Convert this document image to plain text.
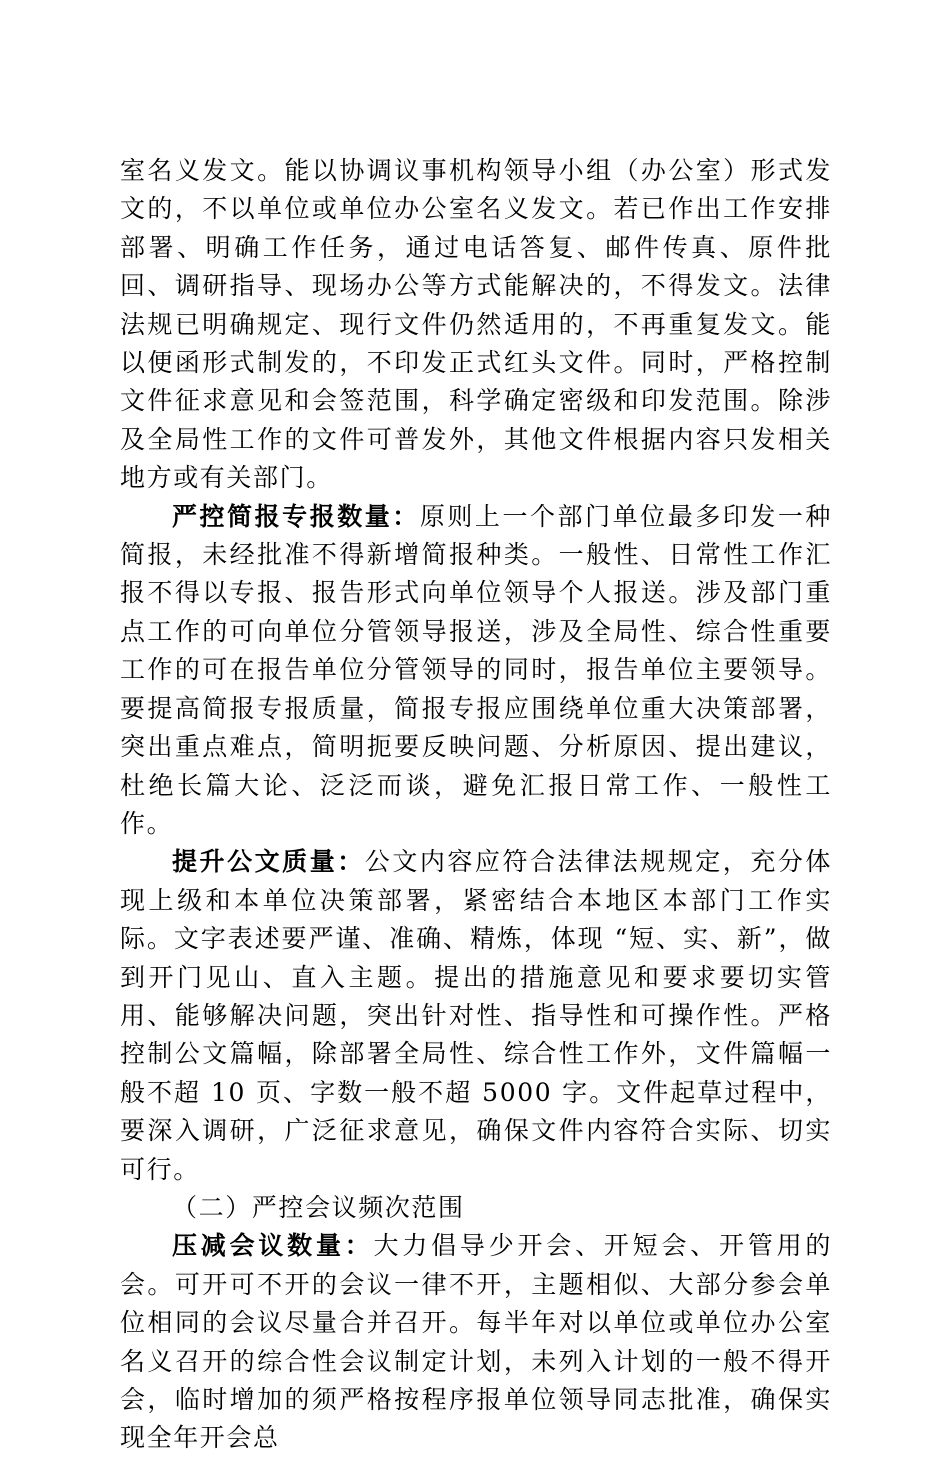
室名义发文。能以协调议事机构领导小组（办公室）形式发文的，不以单位或单位办公室名义发文。若已作出工作安排部署、明确工作任务，通过电话答复、邮件传真、原件批回、调研指导、现场办公等方式能解决的，不得发文。法律法规已明确规定、现行文件仍然适用的，不再重复发文。能以便函形式制发的，不印发正式红头文件。同时，严格控制文件征求意见和会签范围，科学确定密级和印发范围。除涉及全局性工作的文件可普发外，其他文件根据内容只发相关地方或有关部门。

严控简报专报数量：原则上一个部门单位最多印发一种简报，未经批准不得新增简报种类。一般性、日常性工作汇报不得以专报、报告形式向单位领导个人报送。涉及部门重点工作的可向单位分管领导报送，涉及全局性、综合性重要工作的可在报告单位分管领导的同时，报告单位主要领导。要提高简报专报质量，简报专报应围绕单位重大决策部署，突出重点难点，简明扼要反映问题、分析原因、提出建议，杜绝长篇大论、泛泛而谈，避免汇报日常工作、一般性工作。

提升公文质量：公文内容应符合法律法规规定，充分体现上级和本单位决策部署，紧密结合本地区本部门工作实际。文字表述要严谨、准确、精炼，体现 “短、实、新”，做到开门见山、直入主题。提出的措施意见和要求要切实管用、能够解决问题，突出针对性、指导性和可操作性。严格控制公文篇幅，除部署全局性、综合性工作外，文件篇幅一般不超 10 页、字数一般不超 5000 字。文件起草过程中，要深入调研，广泛征求意见，确保文件内容符合实际、切实可行。

（二）严控会议频次范围

压减会议数量：大力倡导少开会、开短会、开管用的会。可开可不开的会议一律不开，主题相似、大部分参会单位相同的会议尽量合并召开。每半年对以单位或单位办公室名义召开的综合性会议制定计划，未列入计划的一般不得开会，临时增加的须严格按程序报单位领导同志批准，确保实现全年开会总
